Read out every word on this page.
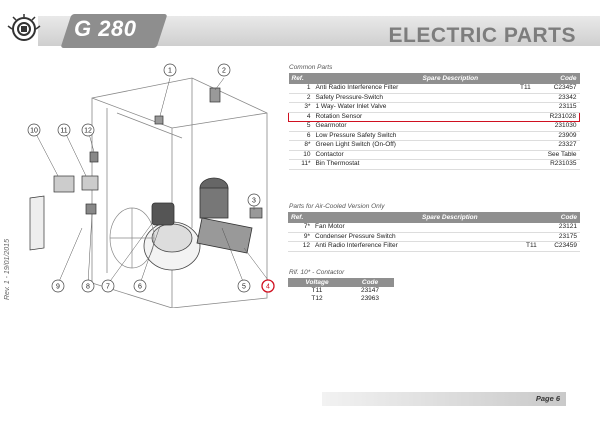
G 280	ELECTRIC PARTS
Rev. 1 - 19/01/2015
1	2
3
4
5
6
7
8
9
10	11 12
Common Parts
Ref.	Spare Description		Code
1	Anti Radio Interference Filter	T11	C23457
2	Safety Pressure-Switch		23342
3*	1 Way- Water Inlet Valve		23115
4	Rotation Sensor		R231028
5	Gearmotor		231030
6	Low Pressure Safety Switch		23909
8*	Green Light Switch (On-Off)		23327
10	Contactor		See Table
11*	Bin Thermostat		R231035
Parts for Air-Cooled Version Only
Ref.	Spare Description		Code
7*	Fan Motor		23121
9*	Condenser Pressure Switch		23175
12	Anti Radio Interference Filter	T11	C23459
Rif. 10* - Contactor
Voltage	Code
T11	23147
T12	23963
Page 6
